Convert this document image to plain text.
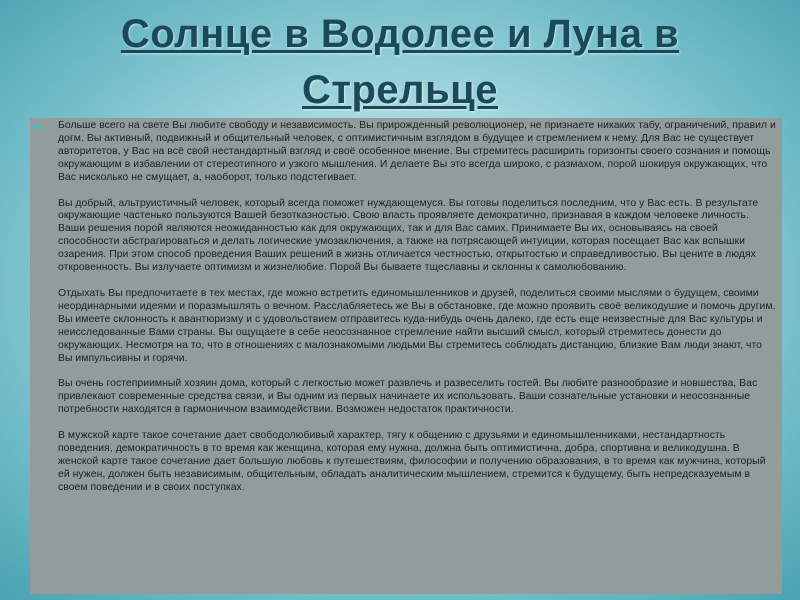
Солнце в Водолее и Луна в Стрельце

Больше всего на свете Вы любите свободу и независимость. Вы прирожденный революционер, не признаете никаких табу, ограничений, правил и догм. Вы активный, подвижный и общительный человек, с оптимистичным взглядом в будущее и стремлением к нему. Для Вас не существует авторитетов, у Вас на всё свой нестандартный взгляд и своё особенное мнение. Вы стремитесь расширить горизонты своего сознания и помощь окружающим в избавлении от стереотипного и узкого мышления. И делаете Вы это всегда широко, с размахом, порой шокируя окружающих, что Вас нисколько не смущает, а, наоборот, только подстегивает.

Вы добрый, альтруистичный человек, который всегда поможет нуждающемуся. Вы готовы поделиться последним, что у Вас есть. В результате окружающие частенько пользуются Вашей безотказностью. Свою власть проявляете демократично, признавая в каждом человеке личность. Ваши решения порой являются неожиданностью как для окружающих, так и для Вас самих. Принимаете Вы их, основываясь на своей способности абстрагироваться и делать логические умозаключения, а также на потрясающей интуиции, которая посещает Вас как вспышки озарения. При этом способ проведения Ваших решений в жизнь отличается честностью, открытостью и справедливостью. Вы цените в людях откровенность. Вы излучаете оптимизм и жизнелюбие. Порой Вы бываете тщеславны и склонны к самолюбованию.

Отдыхать Вы предпочитаете в тех местах, где можно встретить единомышленников и друзей, поделиться своими мыслями о будущем, своими неординарными идеями и поразмышлять о вечном. Расслабляетесь же Вы в обстановке, где можно проявить своё великодушие и помочь другим. Вы имеете склонность к авантюризму и с удовольствием отправитесь куда-нибудь очень далеко, где есть еще неизвестные для Вас культуры и неисследованные Вами страны. Вы ощущаете в себе неосознанное стремление найти высший смысл, который стремитесь донести до окружающих. Несмотря на то, что в отношениях с малознакомыми людьми Вы стремитесь соблюдать дистанцию, близкие Вам люди знают, что Вы импульсивны и горячи.

Вы очень гостеприимный хозяин дома, который с легкостью может развлечь и развеселить гостей. Вы любите разнообразие и новшества, Вас привлекают современные средства связи, и Вы одним из первых начинаете их использовать. Ваши сознательные установки и неосознанные потребности находятся в гармоничном взаимодействии. Возможен недостаток практичности.

В мужской карте такое сочетание дает свободолюбивый характер, тягу к общению с друзьями и единомышленниками, нестандартность поведения, демократичность в то время как женщина, которая ему нужна, должна быть оптимистична, добра, спортивна и великодушна. В женской карте такое сочетание дает большую любовь к путешествиям, философии и получению образования, в то время как мужчина, который ей нужен, должен быть независимым, общительным, обладать аналитическим мышлением, стремится к будущему, быть непредсказуемым в своем поведении и в своих поступках.
